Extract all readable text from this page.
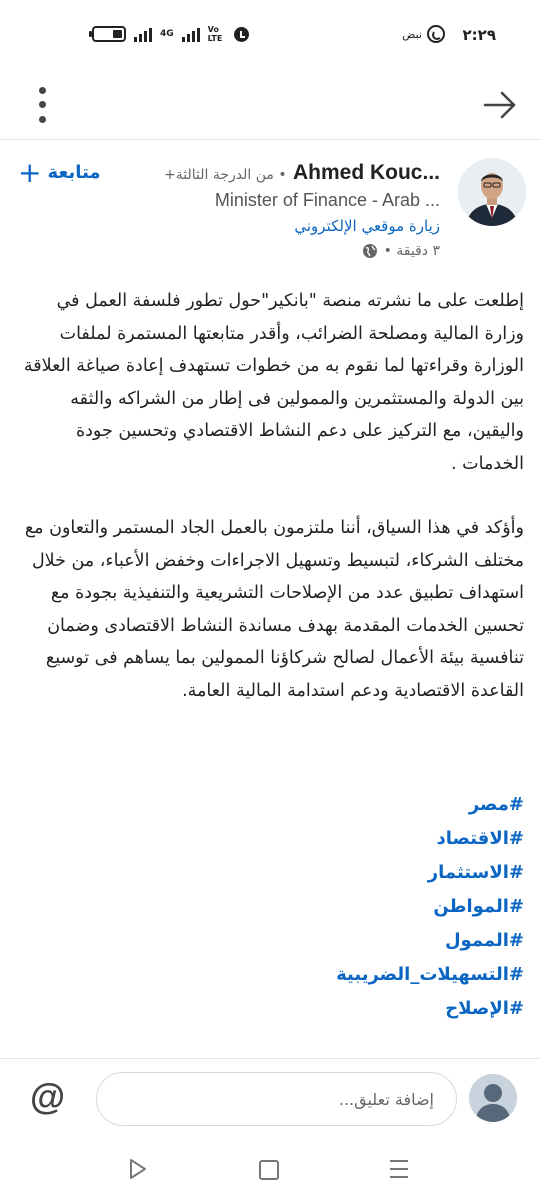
4G	Vo LTE	نبض	٢:٢٩
Ahmed Kouc... • من الدرجة الثالثة+
Minister of Finance - Arab ...
زيارة موقعي الإلكتروني
٣ دقيقة •
متابعة
+

إطلعت على ما نشرته منصة "بانكير"حول تطور فلسفة العمل في وزارة المالية ومصلحة الضرائب، وأقدر متابعتها المستمرة لملفات الوزارة وقراءتها لما نقوم به من خطوات تستهدف إعادة صياغة العلاقة بين الدولة والمستثمرين والممولين فى إطار من الشراكه والثقه واليقين، مع التركيز على دعم النشاط الاقتصادي وتحسين جودة الخدمات .

وأؤكد في هذا السياق، أننا ملتزمون بالعمل الجاد المستمر والتعاون مع مختلف الشركاء، لتبسيط وتسهيل الاجراءات وخفض الأعباء، من خلال استهداف تطبيق عدد من الإصلاحات التشريعية والتنفيذية بجودة مع تحسين الخدمات المقدمة بهدف مساندة النشاط الاقتصادى وضمان تنافسية بيئة الأعمال لصالح شركاؤنا الممولين بما يساهم فى توسيع القاعدة الاقتصادية ودعم استدامة المالية العامة.

#مصر
#الاقتصاد
#الاستثمار
#المواطن
#الممول
#التسهيلات_الضريبية
#الإصلاح
إضافة تعليق...
@
